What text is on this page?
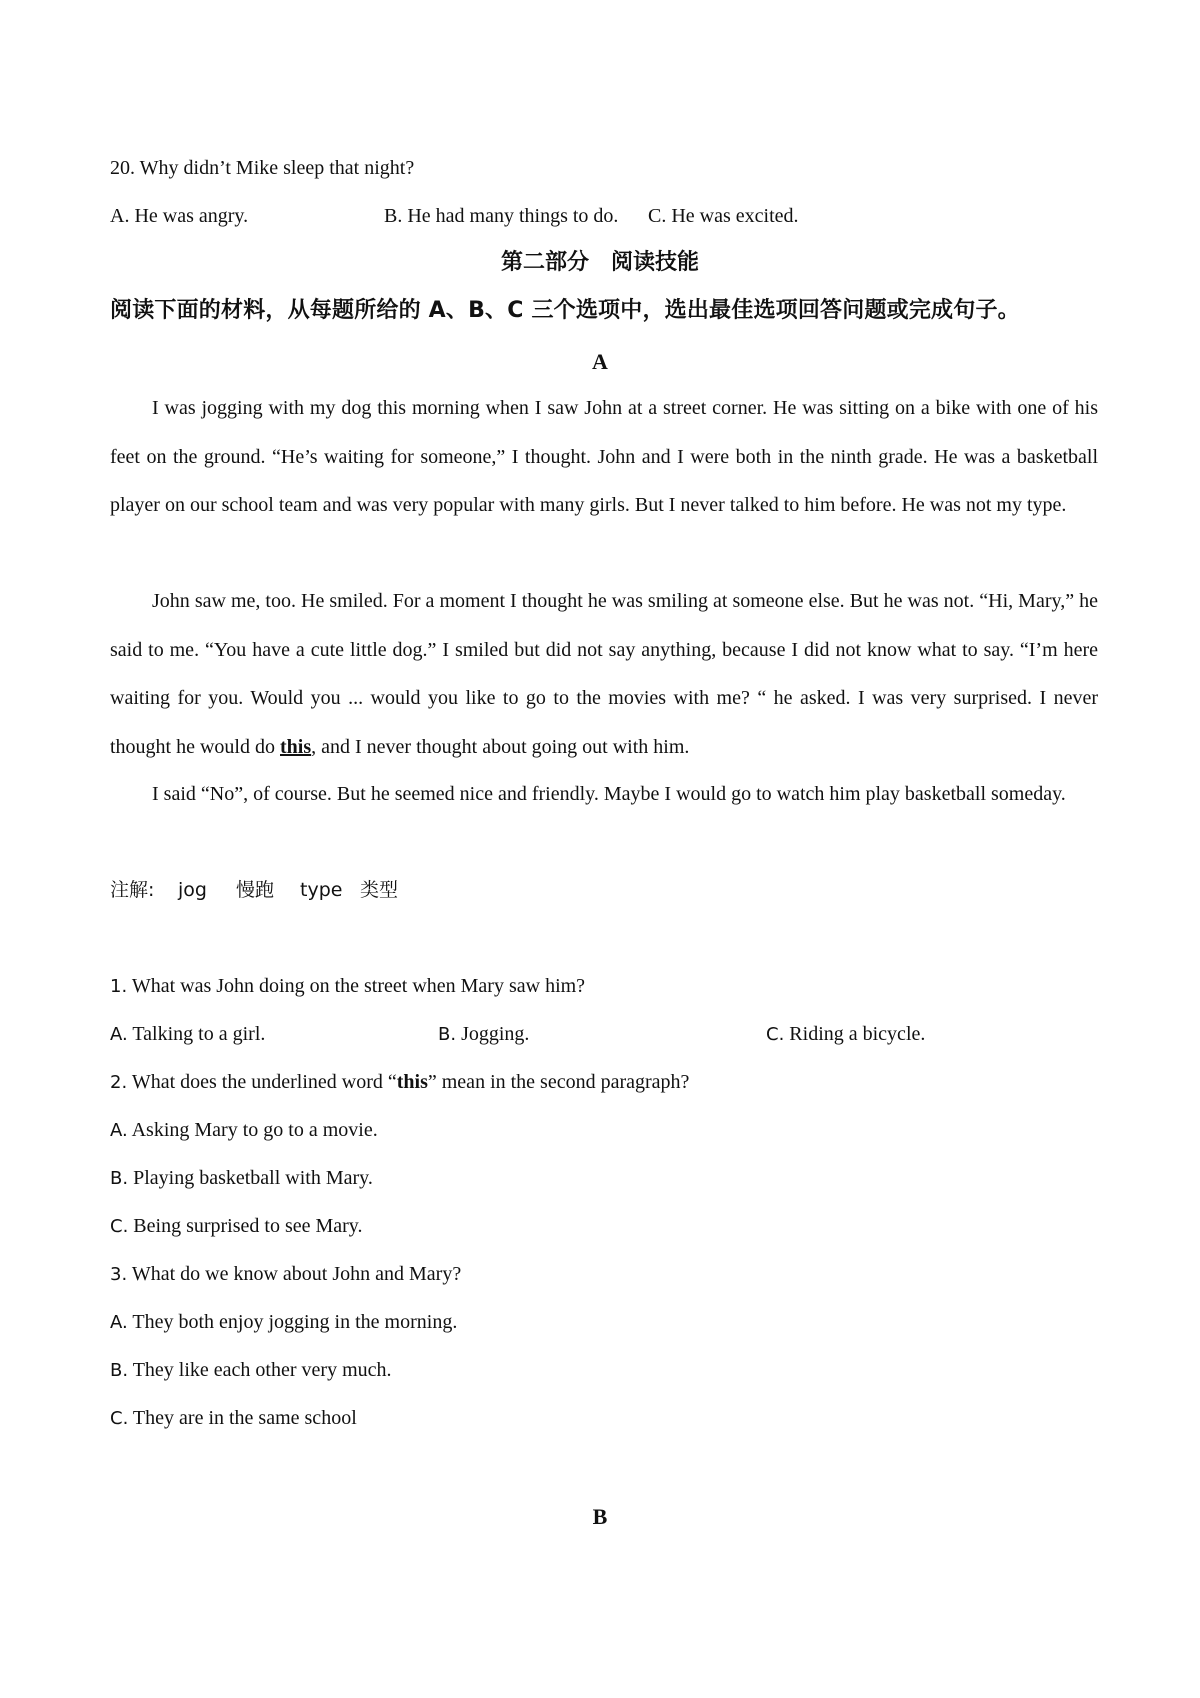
20. Why didn’t Mike sleep that night?
A. He was angry.	B. He had many things to do. C. He was excited.
第二部分　阅读技能
阅读下面的材料，从每题所给的 A、B、C 三个选项中，选出最佳选项回答问题或完成句子。
A
I was jogging with my dog this morning when I saw John at a street corner. He was sitting on a bike with one of his feet on the ground. “He’s waiting for someone,” I thought. John and I were both in the ninth grade. He was a basketball player on our school team and was very popular with many girls. But I never talked to him before. He was not my type.
John saw me, too. He smiled. For a moment I thought he was smiling at someone else. But he was not. “Hi, Mary,” he said to me. “You have a cute little dog.” I smiled but did not say anything, because I did not know what to say. “I’m here waiting for you. Would you ... would you like to go to the movies with me? “ he asked. I was very surprised. I never thought he would do this, and I never thought about going out with him.
I said “No”, of course. But he seemed nice and friendly. Maybe I would go to watch him play basketball someday.
注解: jog 慢跑 type 类型
1. What was John doing on the street when Mary saw him?
A. Talking to a girl.	B. Jogging.	C. Riding a bicycle.
2. What does the underlined word “this” mean in the second paragraph?
A. Asking Mary to go to a movie.
B. Playing basketball with Mary.
C. Being surprised to see Mary.
3. What do we know about John and Mary?
A. They both enjoy jogging in the morning.
B. They like each other very much.
C. They are in the same school
B
